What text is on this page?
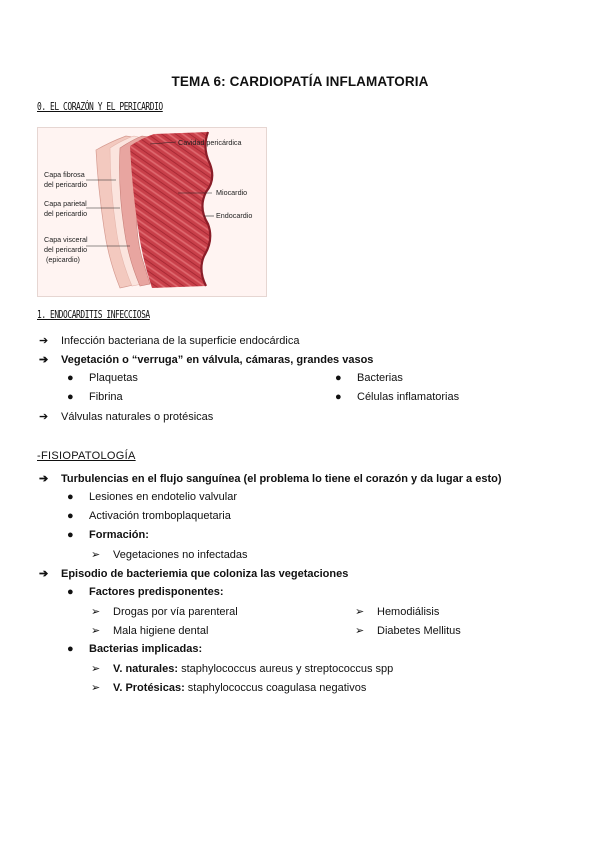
TEMA 6: CARDIOPATÍA INFLAMATORIA
0. EL CORAZÓN Y EL PERICARDIO
Cavidad pericárdica
Capa fibrosa
del pericardio
Capa parietal
del pericardio
Capa visceral
del pericardio
(epicardio)
Miocardio
Endocardio
1. ENDOCARDITIS INFECCIOSA
➔ Infección bacteriana de la superficie endocárdica
➔ Vegetación o “verruga” en válvula, cámaras, grandes vasos
● Plaquetas	● Bacterias
● Fibrina	● Células inflamatorias
➔ Válvulas naturales o protésicas
-FISIOPATOLOGÍA
➔ Turbulencias en el flujo sanguínea (el problema lo tiene el corazón y da lugar a esto)
● Lesiones en endotelio valvular
● Activación tromboplaquetaria
● Formación:
➢ Vegetaciones no infectadas
➔ Episodio de bacteriemia que coloniza las vegetaciones
● Factores predisponentes:
➢ Drogas por vía parenteral	➢ Hemodiálisis
➢ Mala higiene dental	➢ Diabetes Mellitus
● Bacterias implicadas:
➢ V. naturales: staphylococcus aureus y streptococcus spp
➢ V. Protésicas: staphylococcus coagulasa negativos
